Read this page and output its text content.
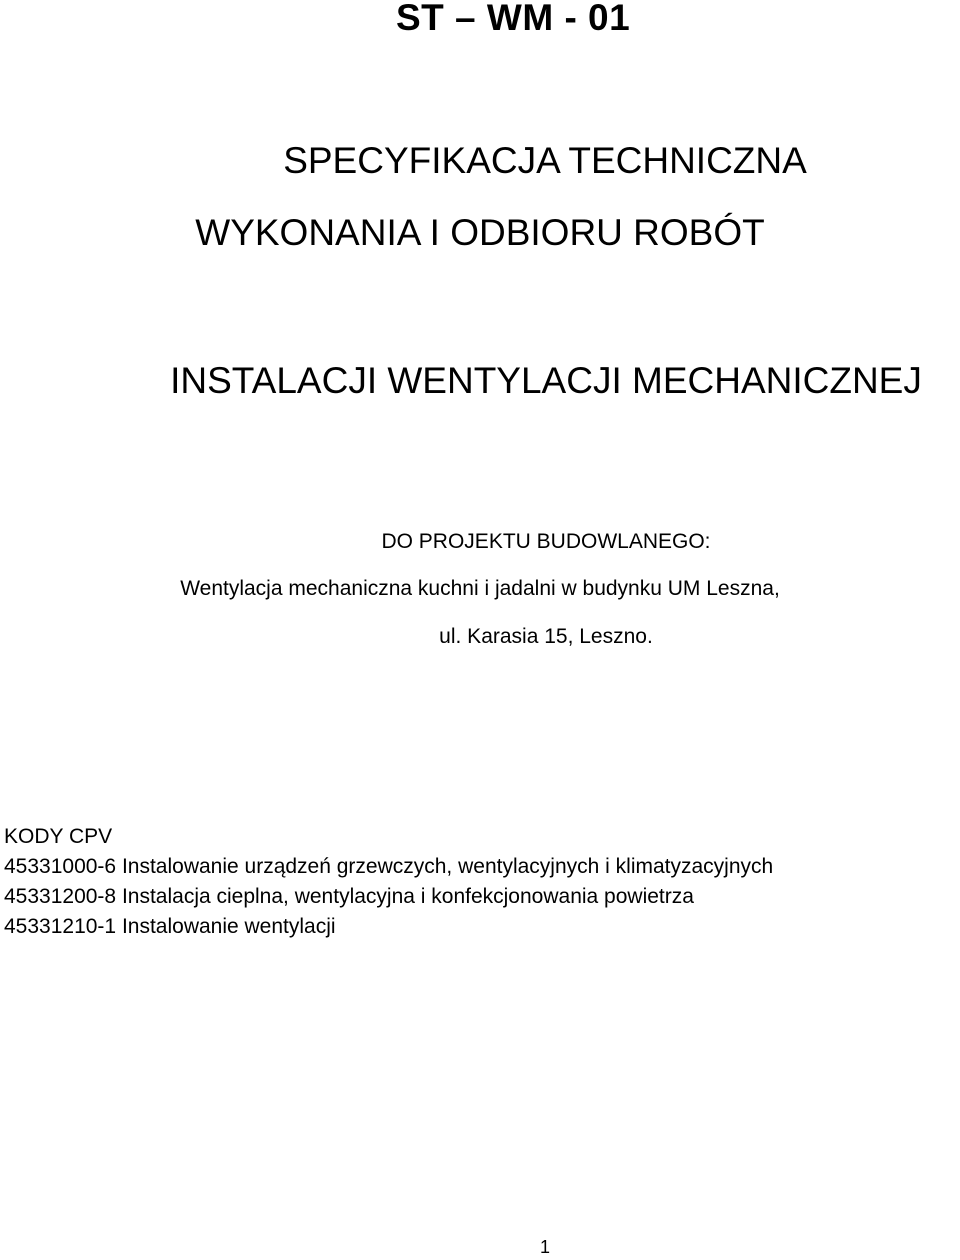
ST – WM - 01
SPECYFIKACJA TECHNICZNA
WYKONANIA I ODBIORU ROBÓT
INSTALACJI WENTYLACJI MECHANICZNEJ
DO PROJEKTU BUDOWLANEGO:
Wentylacja mechaniczna kuchni i jadalni w budynku UM Leszna,
ul. Karasia 15, Leszno.
KODY CPV
45331000-6 Instalowanie urządzeń grzewczych, wentylacyjnych i klimatyzacyjnych
45331200-8 Instalacja cieplna, wentylacyjna i konfekcjonowania powietrza
45331210-1 Instalowanie wentylacji
1
